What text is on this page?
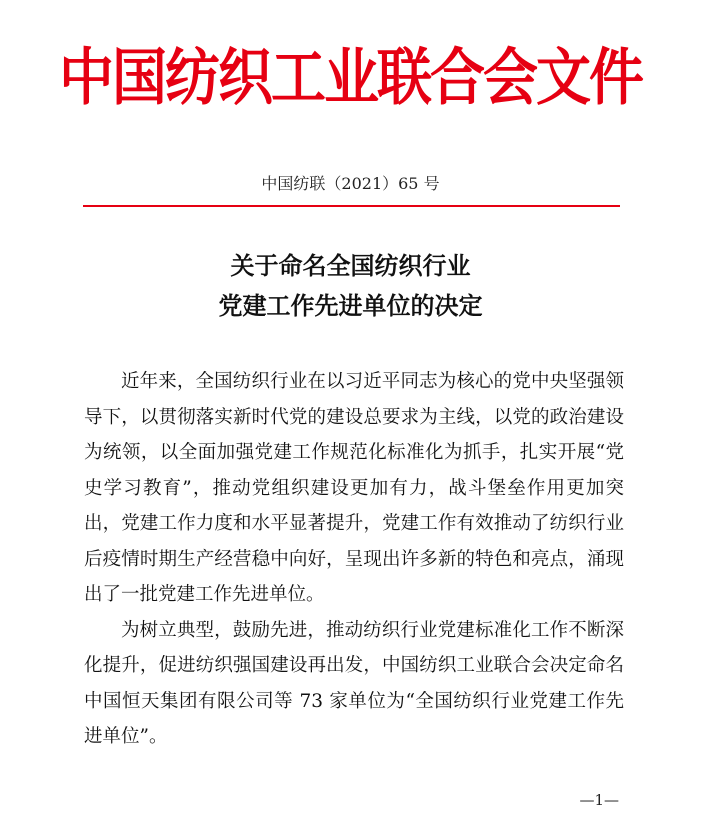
中国纺织工业联合会文件
中国纺联（2021）65 号
关于命名全国纺织行业
党建工作先进单位的决定

近年来，全国纺织行业在以习近平同志为核心的党中央坚强领导下，以贯彻落实新时代党的建设总要求为主线，以党的政治建设为统领，以全面加强党建工作规范化标准化为抓手，扎实开展“党史学习教育”，推动党组织建设更加有力，战斗堡垒作用更加突出，党建工作力度和水平显著提升，党建工作有效推动了纺织行业后疫情时期生产经营稳中向好，呈现出许多新的特色和亮点，涌现出了一批党建工作先进单位。

为树立典型，鼓励先进，推动纺织行业党建标准化工作不断深化提升，促进纺织强国建设再出发，中国纺织工业联合会决定命名中国恒天集团有限公司等 73 家单位为“全国纺织行业党建工作先进单位”。

—1—
